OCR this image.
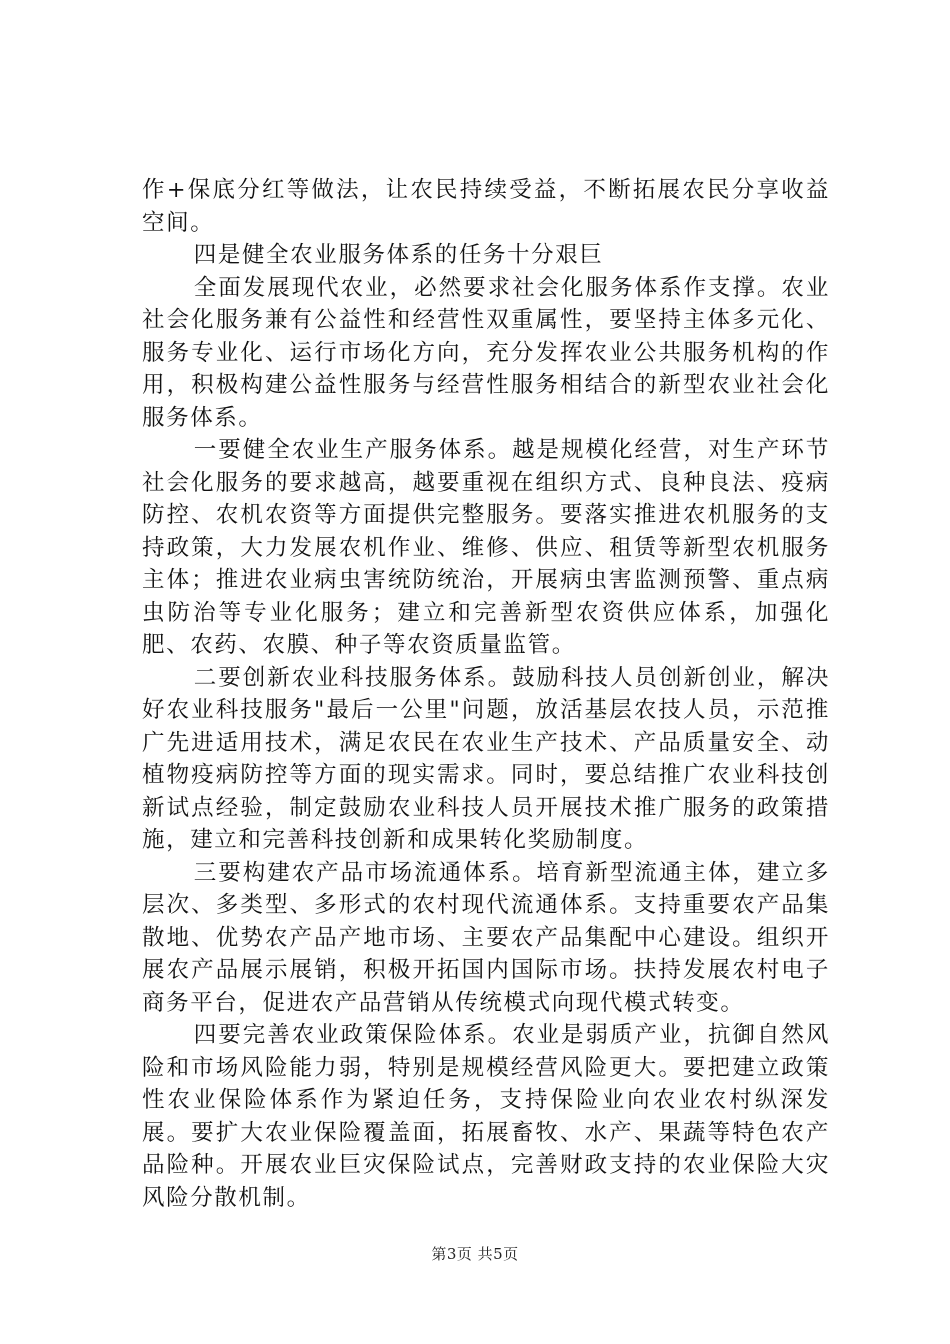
作+保底分红等做法，让农民持续受益，不断拓展农民分享收益空间。

四是健全农业服务体系的任务十分艰巨

全面发展现代农业，必然要求社会化服务体系作支撑。农业社会化服务兼有公益性和经营性双重属性，要坚持主体多元化、服务专业化、运行市场化方向，充分发挥农业公共服务机构的作用，积极构建公益性服务与经营性服务相结合的新型农业社会化服务体系。

一要健全农业生产服务体系。越是规模化经营，对生产环节社会化服务的要求越高，越要重视在组织方式、良种良法、疫病防控、农机农资等方面提供完整服务。要落实推进农机服务的支持政策，大力发展农机作业、维修、供应、租赁等新型农机服务主体；推进农业病虫害统防统治，开展病虫害监测预警、重点病虫防治等专业化服务；建立和完善新型农资供应体系，加强化肥、农药、农膜、种子等农资质量监管。

二要创新农业科技服务体系。鼓励科技人员创新创业，解决好农业科技服务"最后一公里"问题，放活基层农技人员，示范推广先进适用技术，满足农民在农业生产技术、产品质量安全、动植物疫病防控等方面的现实需求。同时，要总结推广农业科技创新试点经验，制定鼓励农业科技人员开展技术推广服务的政策措施，建立和完善科技创新和成果转化奖励制度。

三要构建农产品市场流通体系。培育新型流通主体，建立多层次、多类型、多形式的农村现代流通体系。支持重要农产品集散地、优势农产品产地市场、主要农产品集配中心建设。组织开展农产品展示展销，积极开拓国内国际市场。扶持发展农村电子商务平台，促进农产品营销从传统模式向现代模式转变。

四要完善农业政策保险体系。农业是弱质产业，抗御自然风险和市场风险能力弱，特别是规模经营风险更大。要把建立政策性农业保险体系作为紧迫任务，支持保险业向农业农村纵深发展。要扩大农业保险覆盖面，拓展畜牧、水产、果蔬等特色农产品险种。开展农业巨灾保险试点，完善财政支持的农业保险大灾风险分散机制。

第3页 共5页
